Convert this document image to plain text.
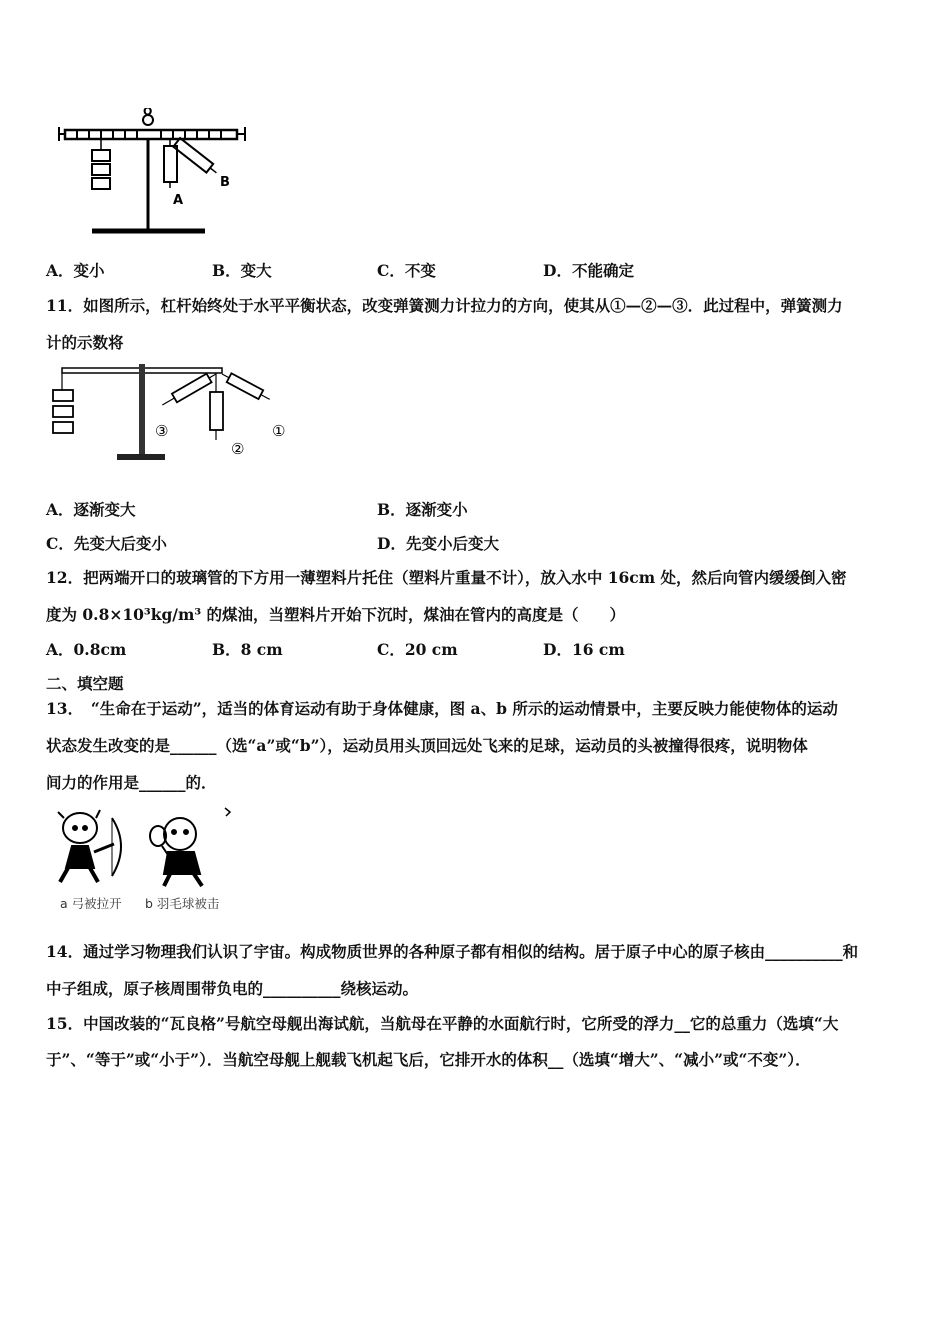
A
B
O
A．变小	B．变大	C．不变	D．不能确定
11．如图所示，杠杆始终处于水平平衡状态，改变弹簧测力计拉力的方向，使其从①—②—③．此过程中，弹簧测力
计的示数将
③
②
①
A．逐渐变大	B．逐渐变小
C．先变大后变小	D．先变小后变大
12．把两端开口的玻璃管的下方用一薄塑料片托住（塑料片重量不计），放入水中 16cm 处，然后向管内缓缓倒入密
度为 0.8×10³kg/m³ 的煤油，当塑料片开始下沉时，煤油在管内的高度是（　　）
A．0.8cm	B．8 cm	C．20 cm	D．16 cm
二、填空题
13．　“生命在于运动”，适当的体育运动有助于身体健康，图 a、b 所示的运动情景中，主要反映力能使物体的运动
状态发生改变的是______（选“a”或“b”），运动员用头顶回远处飞来的足球，运动员的头被撞得很疼，说明物体
间力的作用是______的．
a 弓被拉开 b 羽毛球被击
14．通过学习物理我们认识了宇宙。构成物质世界的各种原子都有相似的结构。居于原子中心的原子核由__________和
中子组成，原子核周围带负电的__________绕核运动。
15．中国改装的“瓦良格”号航空母舰出海试航，当航母在平静的水面航行时，它所受的浮力__它的总重力（选填“大
于”、“等于”或“小于”）．当航空母舰上舰载飞机起飞后，它排开水的体积__（选填“增大”、“减小”或“不变”）．
